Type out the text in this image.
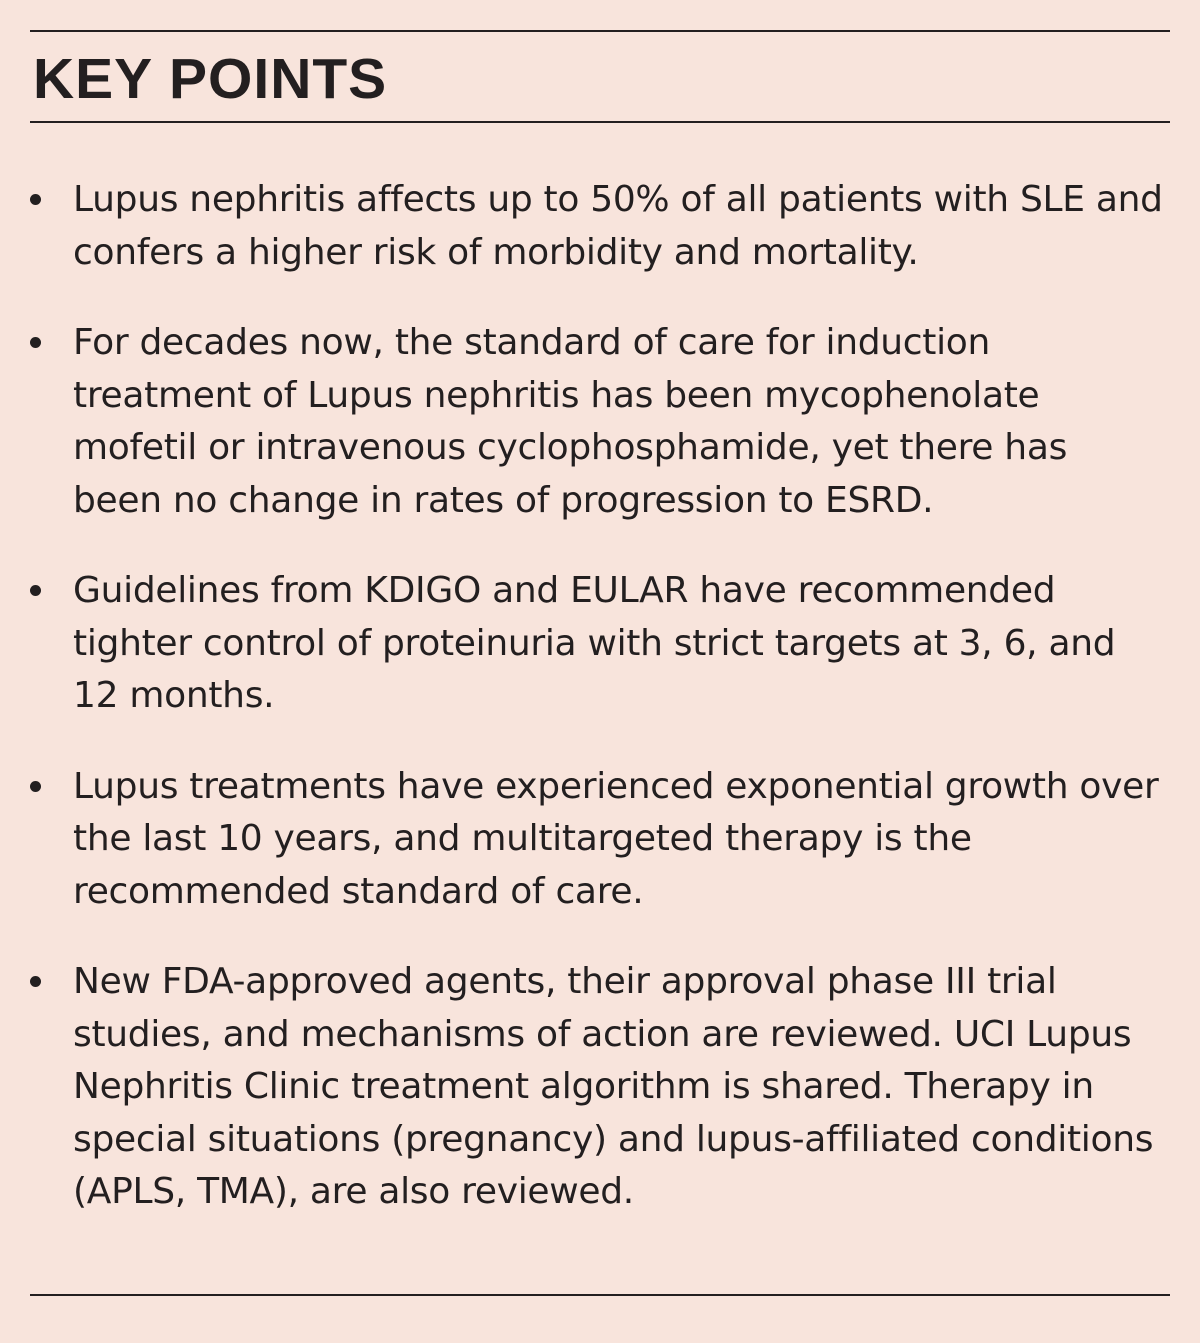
KEY POINTS
Lupus nephritis affects up to 50% of all patients with SLE and confers a higher risk of morbidity and mortality.
For decades now, the standard of care for induction treatment of Lupus nephritis has been mycophenolate mofetil or intravenous cyclophosphamide, yet there has been no change in rates of progression to ESRD.
Guidelines from KDIGO and EULAR have recommended tighter control of proteinuria with strict targets at 3, 6, and 12 months.
Lupus treatments have experienced exponential growth over the last 10 years, and multitargeted therapy is the recommended standard of care.
New FDA-approved agents, their approval phase III trial studies, and mechanisms of action are reviewed. UCI Lupus Nephritis Clinic treatment algorithm is shared. Therapy in special situations (pregnancy) and lupus-affiliated conditions (APLS, TMA), are also reviewed.
